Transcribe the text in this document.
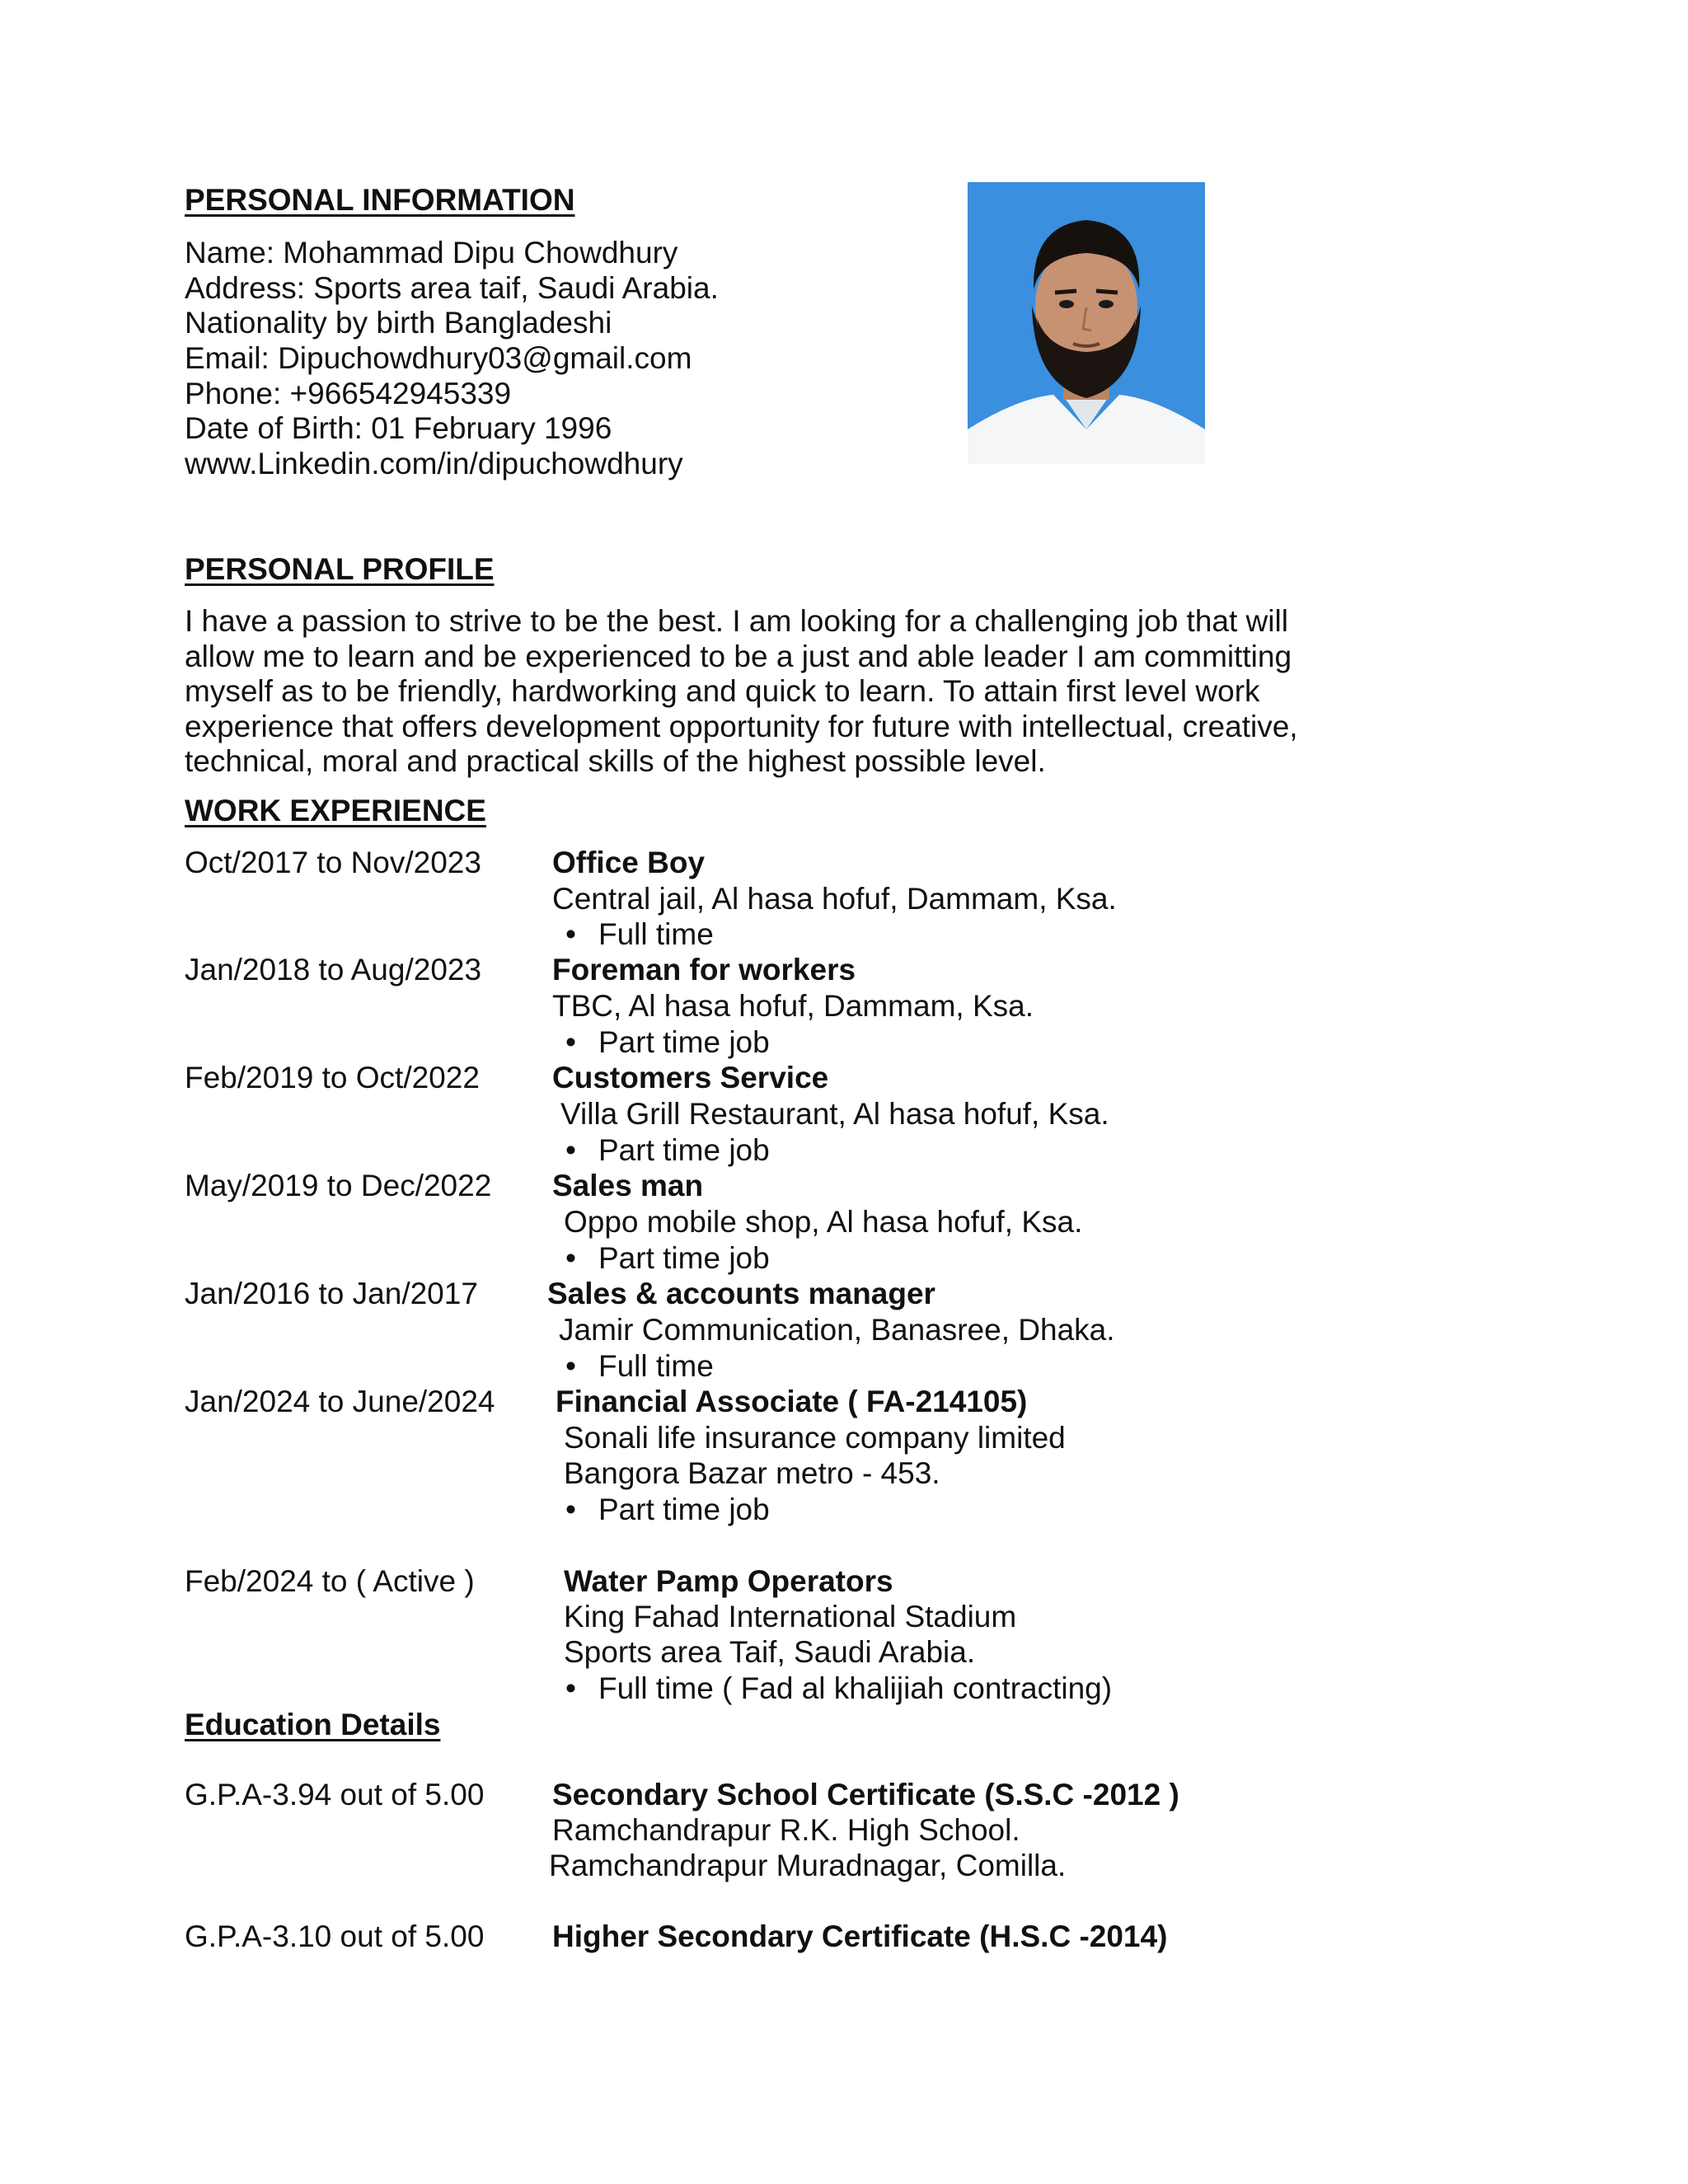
PERSONAL INFORMATION
Name: Mohammad Dipu Chowdhury
Address: Sports area taif, Saudi Arabia.
Nationality by birth Bangladeshi
Email: Dipuchowdhury03@gmail.com
Phone: +966542945339
Date of Birth: 01 February 1996
www.Linkedin.com/in/dipuchowdhury
PERSONAL PROFILE
I have a passion to strive to be the best. I am looking for a challenging job that will
allow me to learn and be experienced to be a just and able leader I am committing
myself as to be friendly, hardworking and quick to learn. To attain first level work
experience that offers development opportunity for future with intellectual, creative,
technical, moral and practical skills of the highest possible level.
WORK EXPERIENCE
Oct/2017 to Nov/2023 Office Boy
Central jail, Al hasa hofuf, Dammam, Ksa.
• Full time
Jan/2018 to Aug/2023 Foreman for workers
TBC, Al hasa hofuf, Dammam, Ksa.
• Part time job
Feb/2019 to Oct/2022 Customers Service
Villa Grill Restaurant, Al hasa hofuf, Ksa.
• Part time job
May/2019 to Dec/2022 Sales man
Oppo mobile shop, Al hasa hofuf, Ksa.
• Part time job
Jan/2016 to Jan/2017 Sales & accounts manager
Jamir Communication, Banasree, Dhaka.
• Full time
Jan/2024 to June/2024 Financial Associate ( FA-214105)
Sonali life insurance company limited
Bangora Bazar metro - 453.
• Part time job
Feb/2024 to ( Active )	Water Pamp Operators
King Fahad International Stadium
Sports area Taif, Saudi Arabia.
• Full time ( Fad al khalijiah contracting)
Education Details
G.P.A-3.94 out of 5.00 Secondary School Certificate (S.S.C -2012 )
Ramchandrapur R.K. High School.
Ramchandrapur Muradnagar, Comilla.
G.P.A-3.10 out of 5.00 Higher Secondary Certificate (H.S.C -2014)
